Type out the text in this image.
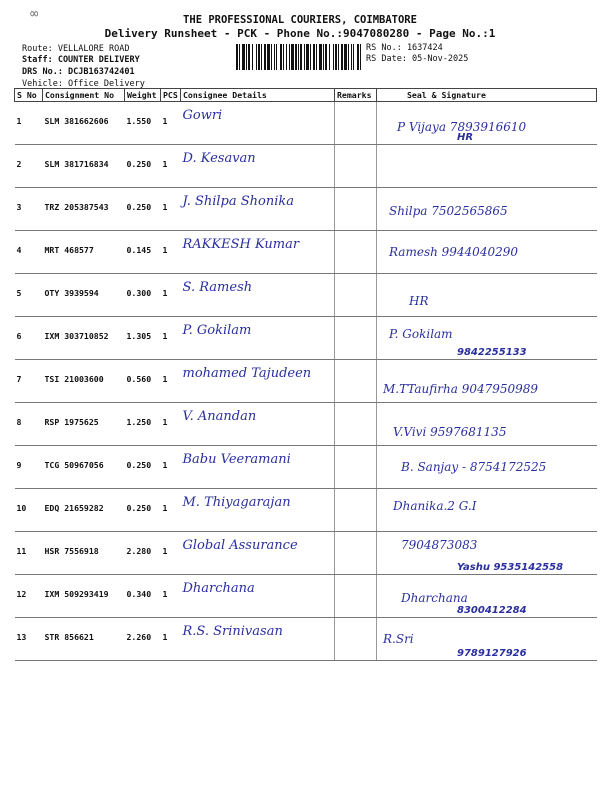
∞	THE PROFESSIONAL COURIERS, COIMBATORE
Delivery Runsheet - PCK - Phone No.:9047080280 - Page No.:1
Route: VELLALORE ROAD
Staff: COUNTER DELIVERY
DRS No.: DCJB163742401
Vehicle: Office Delivery
RS No.: 1637424
RS Date: 05-Nov-2025
S No	Consignment No	Weight	PCS	Consignee Details	Remarks	Seal & Signature
1	SLM 381662606	1.550	1	Gowri		P Vijaya 7893916610
HR

2	SLM 381716834	0.250	1	D. Kesavan		
3	TRZ 205387543	0.250	1	J. Shilpa Shonika		Shilpa 7502565865
4	MRT 468577	0.145	1	RAKKESH Kumar		Ramesh 9944040290
5	OTY 3939594	0.300	1	S. Ramesh		HR
6	IXM 303710852	1.305	1	P. Gokilam		P. Gokilam
9842255133

7	TSI 21003600	0.560	1	mohamed Tajudeen		M.TTaufirha 9047950989
8	RSP 1975625	1.250	1	V. Anandan		V.Vivi 9597681135
9	TCG 50967056	0.250	1	Babu Veeramani		B. Sanjay - 8754172525
10	EDQ 21659282	0.250	1	M. Thiyagarajan		Dhanika.2 G.I
11	HSR 7556918	2.280	1	Global Assurance		7904873083
Yashu 9535142558

12	IXM 509293419	0.340	1	Dharchana		Dharchana
8300412284

13	STR 856621	2.260	1	R.S. Srinivasan		R.Sri
9789127926
